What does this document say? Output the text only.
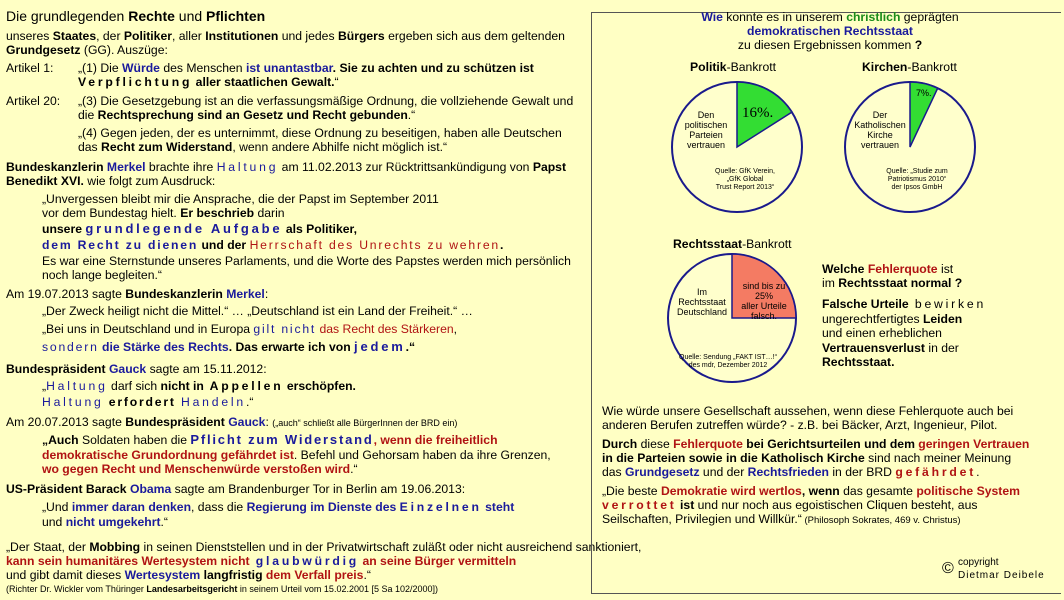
Die grundlegenden Rechte und Pflichten
unseres Staates, der Politiker, aller Institutionen und jedes Bürgers ergeben sich aus dem geltenden
Grundgesetz (GG). Auszüge:
Artikel 1: „(1) Die Würde des Menschen ist unantastbar. Sie zu achten und zu schützen ist
Verpflichtung aller staatlichen Gewalt.“
Artikel 20: „(3) Die Gesetzgebung ist an die verfassungsmäßige Ordnung, die vollziehende Gewalt und
die Rechtsprechung sind an Gesetz und Recht gebunden.“
„(4) Gegen jeden, der es unternimmt, diese Ordnung zu beseitigen, haben alle Deutschen
das Recht zum Widerstand, wenn andere Abhilfe nicht möglich ist.“
Bundeskanzlerin Merkel brachte ihre Haltung am 11.02.2013 zur Rücktrittsankündigung von Papst
Benedikt XVI. wie folgt zum Ausdruck:
„Unvergessen bleibt mir die Ansprache, die der Papst im September 2011
vor dem Bundestag hielt. Er beschrieb darin
unsere grundlegende Aufgabe als Politiker,
dem Recht zu dienen und der Herrschaft des Unrechts zu wehren.
Es war eine Sternstunde unseres Parlaments, und die Worte des Papstes werden mich persönlich
noch lange begleiten.“
Am 19.07.2013 sagte Bundeskanzlerin Merkel:
„Der Zweck heiligt nicht die Mittel.“ … „Deutschland ist ein Land der Freiheit.“ …
„Bei uns in Deutschland und in Europa gilt nicht das Recht des Stärkeren,
sondern die Stärke des Rechts. Das erwarte ich von jedem.“
Bundespräsident Gauck sagte am 15.11.2012:
„Haltung darf sich nicht in Appellen erschöpfen.
Haltung erfordert Handeln.“
Am 20.07.2013 sagte Bundespräsident Gauck: („auch“ schließt alle BürgerInnen der BRD ein)
„Auch Soldaten haben die Pflicht zum Widerstand, wenn die freiheitlich
demokratische Grundordnung gefährdet ist. Befehl und Gehorsam haben da ihre Grenzen,
wo gegen Recht und Menschenwürde verstoßen wird.“
US-Präsident Barack Obama sagte am Brandenburger Tor in Berlin am 19.06.2013:
„Und immer daran denken, dass die Regierung im Dienste des Einzelnen steht
und nicht umgekehrt.“
„Der Staat, der Mobbing in seinen Dienststellen und in der Privatwirtschaft zuläßt oder nicht ausreichend sanktioniert,
kann sein humanitäres Wertesystem nicht glaubwürdig an seine Bürger vermitteln
und gibt damit dieses Wertesystem langfristig dem Verfall preis.“
(Richter Dr. Wickler vom Thüringer Landesarbeitsgericht in seinem Urteil vom 15.02.2001 [5 Sa 102/2000])
Wie konnte es in unserem christlich geprägten
demokratischen Rechtsstaat
zu diesen Ergebnissen kommen ?
Politik-Bankrott	Kirchen-Bankrott
Rechtsstaat-Bankrott
Den
politischen
Parteien
vertrauen
16%.
Quelle: GfK Verein,
„GfK Global
Trust Report 2013“
Der
Katholischen
Kirche
vertrauen
7%.
Quelle: „Studie zum
Patriotismus 2010“
der Ipsos GmbH
Im
Rechtsstaat
Deutschland
sind bis zu
25%
aller Urteile
falsch.
Quelle: Sendung „FAKT IST…!“
des mdr, Dezember 2012
Welche Fehlerquote ist
im Rechtsstaat normal ?
Falsche Urteile bewirken
ungerechtfertigtes Leiden
und einen erheblichen
Vertrauensverlust in der
Rechtsstaat.
Wie würde unsere Gesellschaft aussehen, wenn diese Fehlerquote auch bei
anderen Berufen zutreffen würde? - z.B. bei Bäcker, Arzt, Ingenieur, Pilot.
Durch diese Fehlerquote bei Gerichtsurteilen und dem geringen Vertrauen
in die Parteien sowie in die Katholisch Kirche sind nach meiner Meinung
das Grundgesetz und der Rechtsfrieden in der BRD gefährdet.
„Die beste Demokratie wird wertlos, wenn das gesamte politische System
verrottet ist und nur noch aus egoistischen Cliquen besteht, aus
Seilschaften, Privilegien und Willkür.“ (Philosoph Sokrates, 469 v. Christus)
© copyright
Dietmar Deibele
